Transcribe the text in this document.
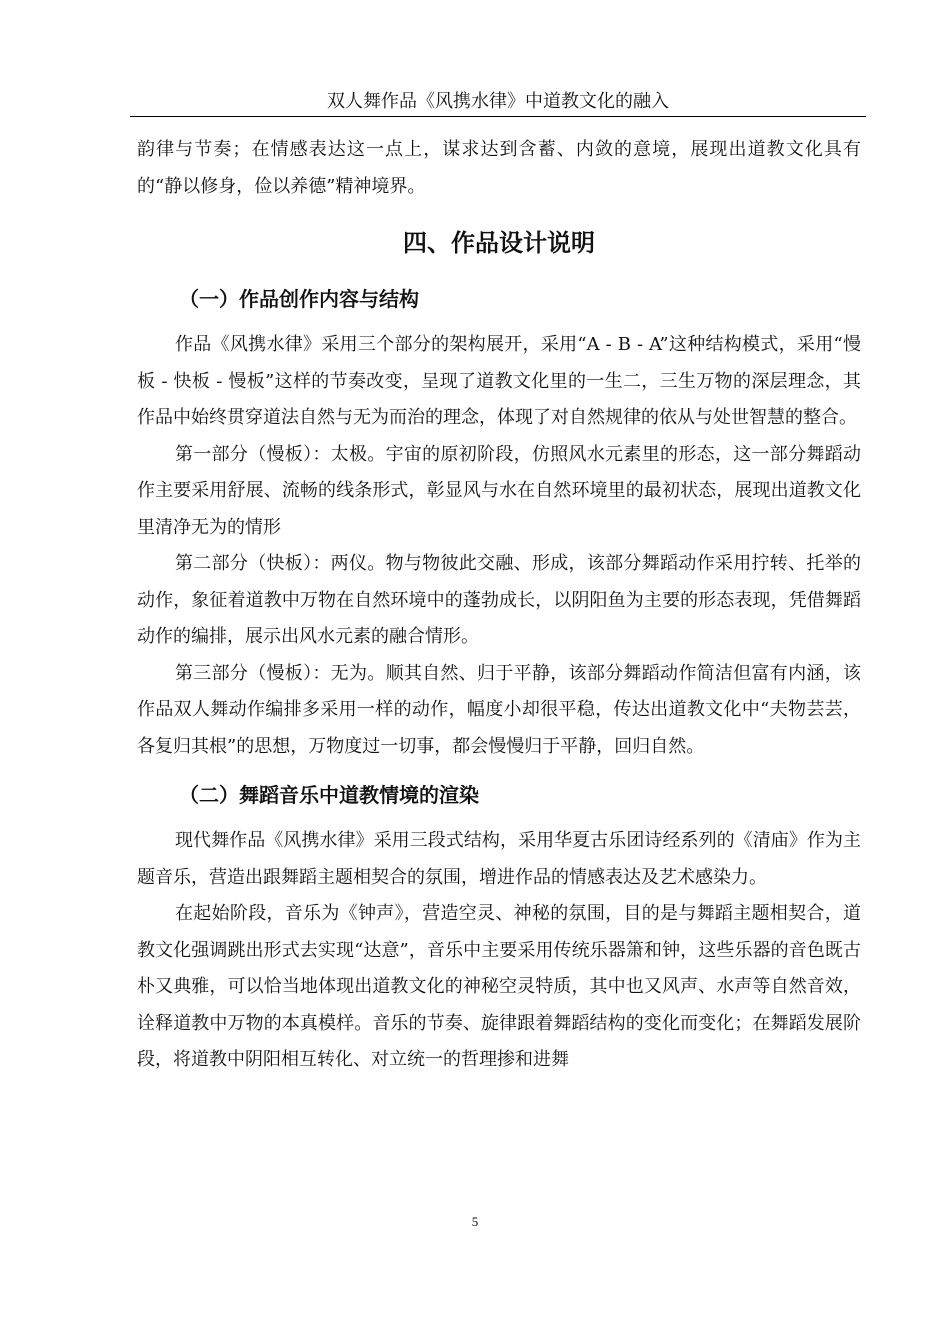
双人舞作品《风携水律》中道教文化的融入

韵律与节奏；在情感表达这一点上，谋求达到含蓄、内敛的意境，展现出道教文化具有的“静以修身，俭以养德”精神境界。

四、作品设计说明
（一）作品创作内容与结构

作品《风携水律》采用三个部分的架构展开，采用“A - B - A”这种结构模式，采用“慢板 - 快板 - 慢板”这样的节奏改变，呈现了道教文化里的一生二，三生万物的深层理念，其作品中始终贯穿道法自然与无为而治的理念，体现了对自然规律的依从与处世智慧的整合。

第一部分（慢板）：太极。宇宙的原初阶段，仿照风水元素里的形态，这一部分舞蹈动作主要采用舒展、流畅的线条形式，彰显风与水在自然环境里的最初状态，展现出道教文化里清净无为的情形

第二部分（快板）：两仪。物与物彼此交融、形成，该部分舞蹈动作采用拧转、托举的动作，象征着道教中万物在自然环境中的蓬勃成长，以阴阳鱼为主要的形态表现，凭借舞蹈动作的编排，展示出风水元素的融合情形。

第三部分（慢板）：无为。顺其自然、归于平静，该部分舞蹈动作简洁但富有内涵，该作品双人舞动作编排多采用一样的动作，幅度小却很平稳，传达出道教文化中“夫物芸芸，各复归其根”的思想，万物度过一切事，都会慢慢归于平静，回归自然。

（二）舞蹈音乐中道教情境的渲染

现代舞作品《风携水律》采用三段式结构，采用华夏古乐团诗经系列的《清庙》作为主题音乐，营造出跟舞蹈主题相契合的氛围，增进作品的情感表达及艺术感染力。

在起始阶段，音乐为《钟声》，营造空灵、神秘的氛围，目的是与舞蹈主题相契合，道教文化强调跳出形式去实现“达意”，音乐中主要采用传统乐器箫和钟，这些乐器的音色既古朴又典雅，可以恰当地体现出道教文化的神秘空灵特质，其中也又风声、水声等自然音效，诠释道教中万物的本真模样。音乐的节奏、旋律跟着舞蹈结构的变化而变化；在舞蹈发展阶段，将道教中阴阳相互转化、对立统一的哲理掺和进舞

5
